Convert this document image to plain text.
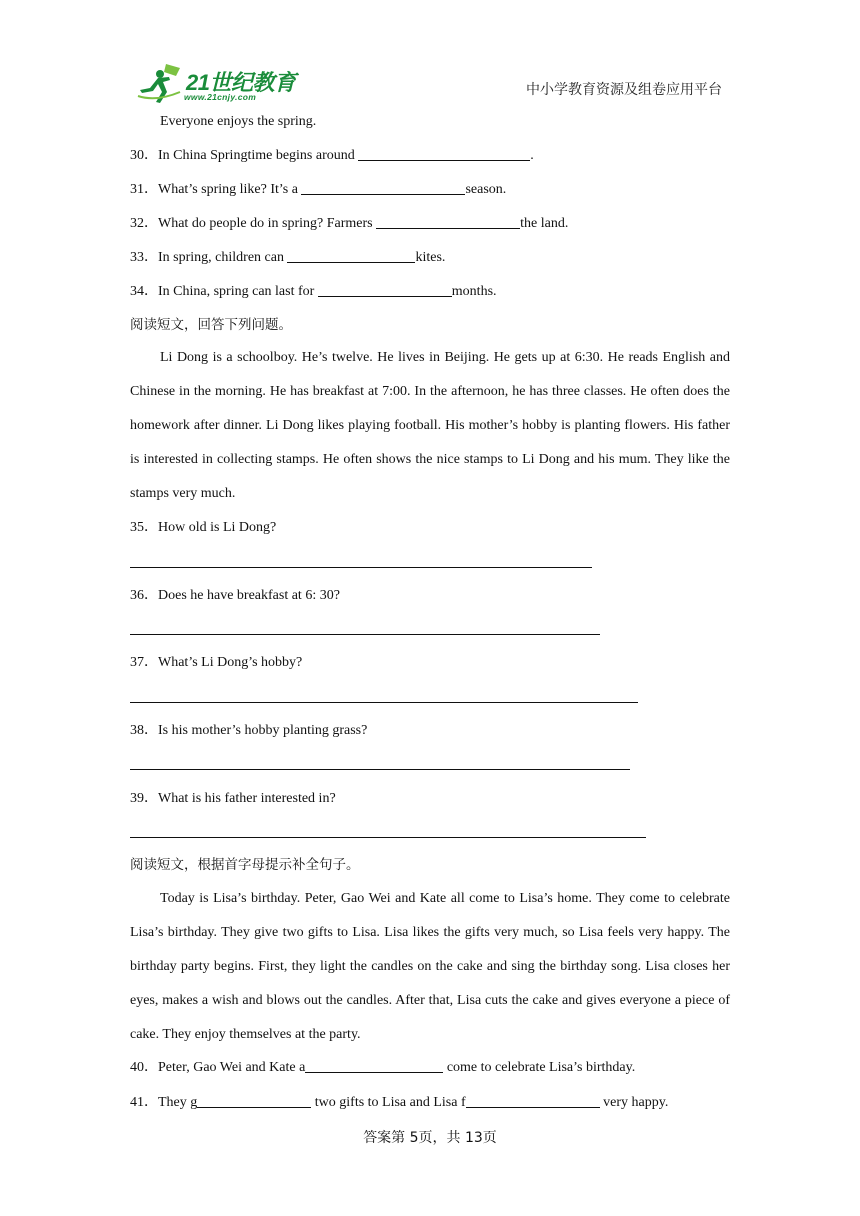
21世纪教育
www.21cnjy.com	中小学教育资源及组卷应用平台
Everyone enjoys the spring.
30．In China Springtime begins around	.
31．What’s spring like? It’s a	season.
32．What do people do in spring? Farmers	the land.
33．In spring, children can	kites.
34．In China, spring can last for	months.
阅读短文，回答下列问题。
Li Dong is a schoolboy. He’s twelve. He lives in Beijing. He gets up at 6:30. He reads English and Chinese in the morning. He has breakfast at 7:00. In the afternoon, he has three classes. He often does the homework after dinner. Li Dong likes playing football. His mother’s hobby is planting flowers. His father is interested in collecting stamps. He often shows the nice stamps to Li Dong and his mum. They like the stamps very much.
35．How old is Li Dong?
36．Does he have breakfast at 6: 30?
37．What’s Li Dong’s hobby?
38．Is his mother’s hobby planting grass?
39．What is his father interested in?
阅读短文，根据首字母提示补全句子。
Today is Lisa’s birthday. Peter, Gao Wei and Kate all come to Lisa’s home. They come to celebrate Lisa’s birthday. They give two gifts to Lisa. Lisa likes the gifts very much, so Lisa feels very happy. The birthday party begins. First, they light the candles on the cake and sing the birthday song. Lisa closes her eyes, makes a wish and blows out the candles. After that, Lisa cuts the cake and gives everyone a piece of cake. They enjoy themselves at the party.
40．Peter, Gao Wei and Kate a	come to celebrate Lisa’s birthday.
41．They g	two gifts to Lisa and Lisa f	very happy.
答案第 5页，共 13页
